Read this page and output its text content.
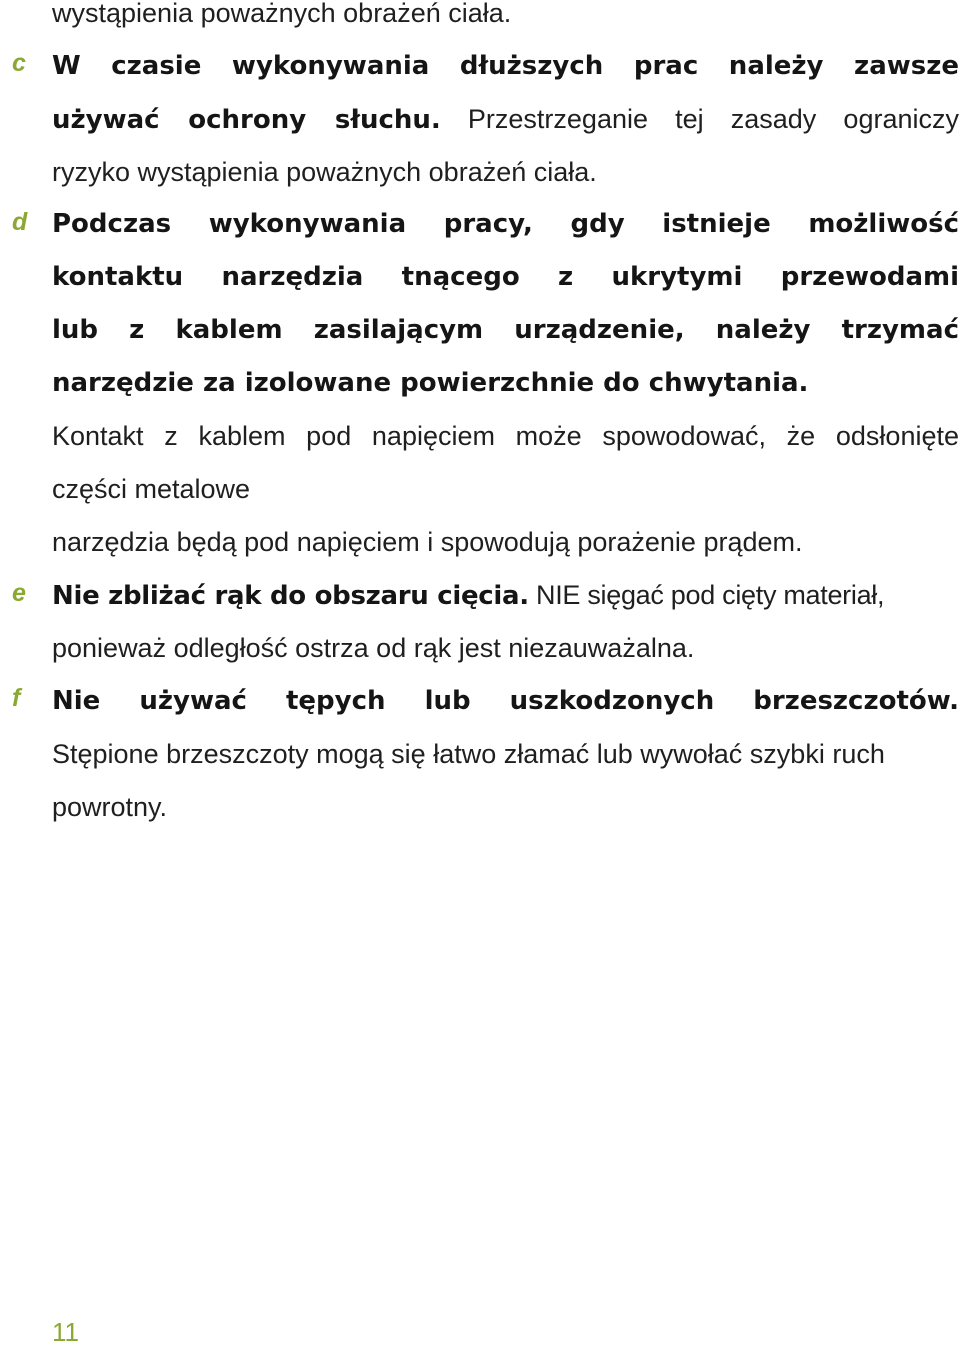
wystąpienia poważnych obrażeń ciała.
c W czasie wykonywania dłuższych prac należy zawsze
używać ochrony słuchu. Przestrzeganie tej zasady ograniczy
ryzyko wystąpienia poważnych obrażeń ciała.
d Podczas wykonywania pracy, gdy istnieje możliwość
kontaktu narzędzia tnącego z ukrytymi przewodami
lub z kablem zasilającym urządzenie, należy trzymać
narzędzie za izolowane powierzchnie do chwytania.
Kontakt z kablem pod napięciem może spowodować, że odsłonięte
części metalowe
narzędzia będą pod napięciem i spowodują porażenie prądem.
e Nie zbliżać rąk do obszaru cięcia. NIE sięgać pod cięty materiał,
ponieważ odległość ostrza od rąk jest niezauważalna.
f Nie używać tępych lub uszkodzonych brzeszczotów.
Stępione brzeszczoty mogą się łatwo złamać lub wywołać szybki ruch
powrotny.
11
